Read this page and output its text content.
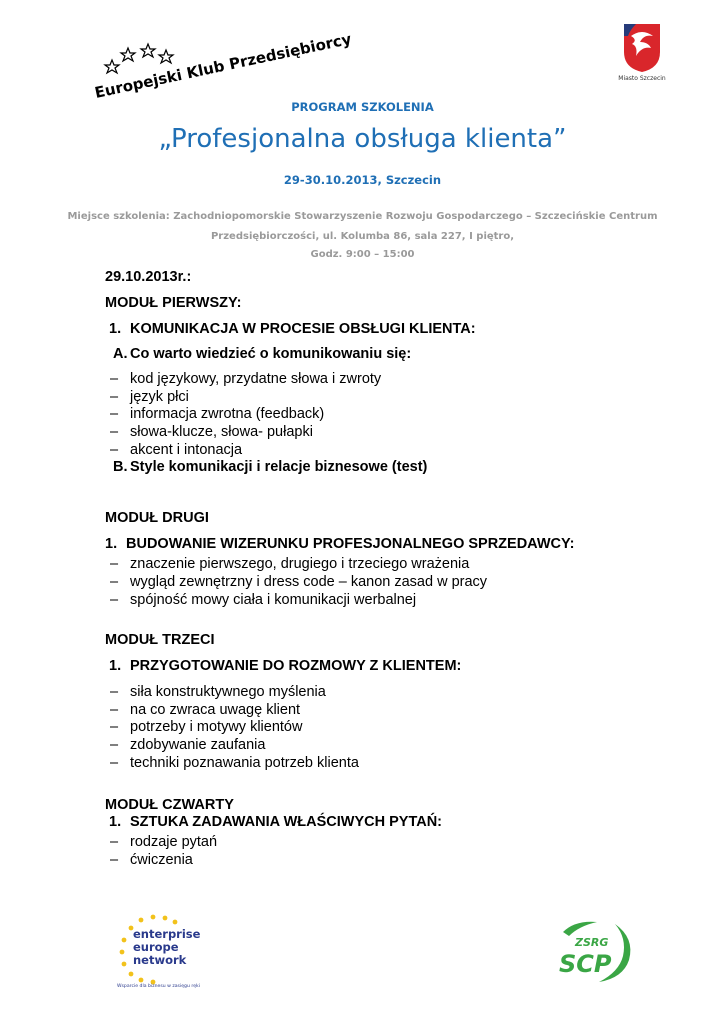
Europejski Klub Przedsiębiorcy	Miasto Szczecin
PROGRAM SZKOLENIA
„Profesjonalna obsługa klienta”
29-30.10.2013, Szczecin
Miejsce szkolenia: Zachodniopomorskie Stowarzyszenie Rozwoju Gospodarczego – Szczecińskie Centrum
Przedsiębiorczości, ul. Kolumba 86, sala 227, I piętro,
Godz. 9:00 – 15:00
29.10.2013r.:
MODUŁ PIERWSZY:
1. KOMUNIKACJA W PROCESIE OBSŁUGI KLIENTA:
A. Co warto wiedzieć o komunikowaniu się:
– kod językowy, przydatne słowa i zwroty
– język płci
– informacja zwrotna (feedback)
– słowa-klucze, słowa- pułapki
– akcent i intonacja
B. Style komunikacji i relacje biznesowe (test)
MODUŁ DRUGI
1. BUDOWANIE WIZERUNKU PROFESJONALNEGO SPRZEDAWCY:
– znaczenie pierwszego, drugiego i trzeciego wrażenia
– wygląd zewnętrzny i dress code – kanon zasad w pracy
– spójność mowy ciała i komunikacji werbalnej
MODUŁ TRZECI
1. PRZYGOTOWANIE DO ROZMOWY Z KLIENTEM:
– siła konstruktywnego myślenia
– na co zwraca uwagę klient
– potrzeby i motywy klientów
– zdobywanie zaufania
– techniki poznawania potrzeb klienta
MODUŁ CZWARTY
1. SZTUKA ZADAWANIA WŁAŚCIWYCH PYTAŃ:
– rodzaje pytań
– ćwiczenia
enterprise
europe
network
Wsparcie dla biznesu w zasięgu ręki
ZSRG
SCP
